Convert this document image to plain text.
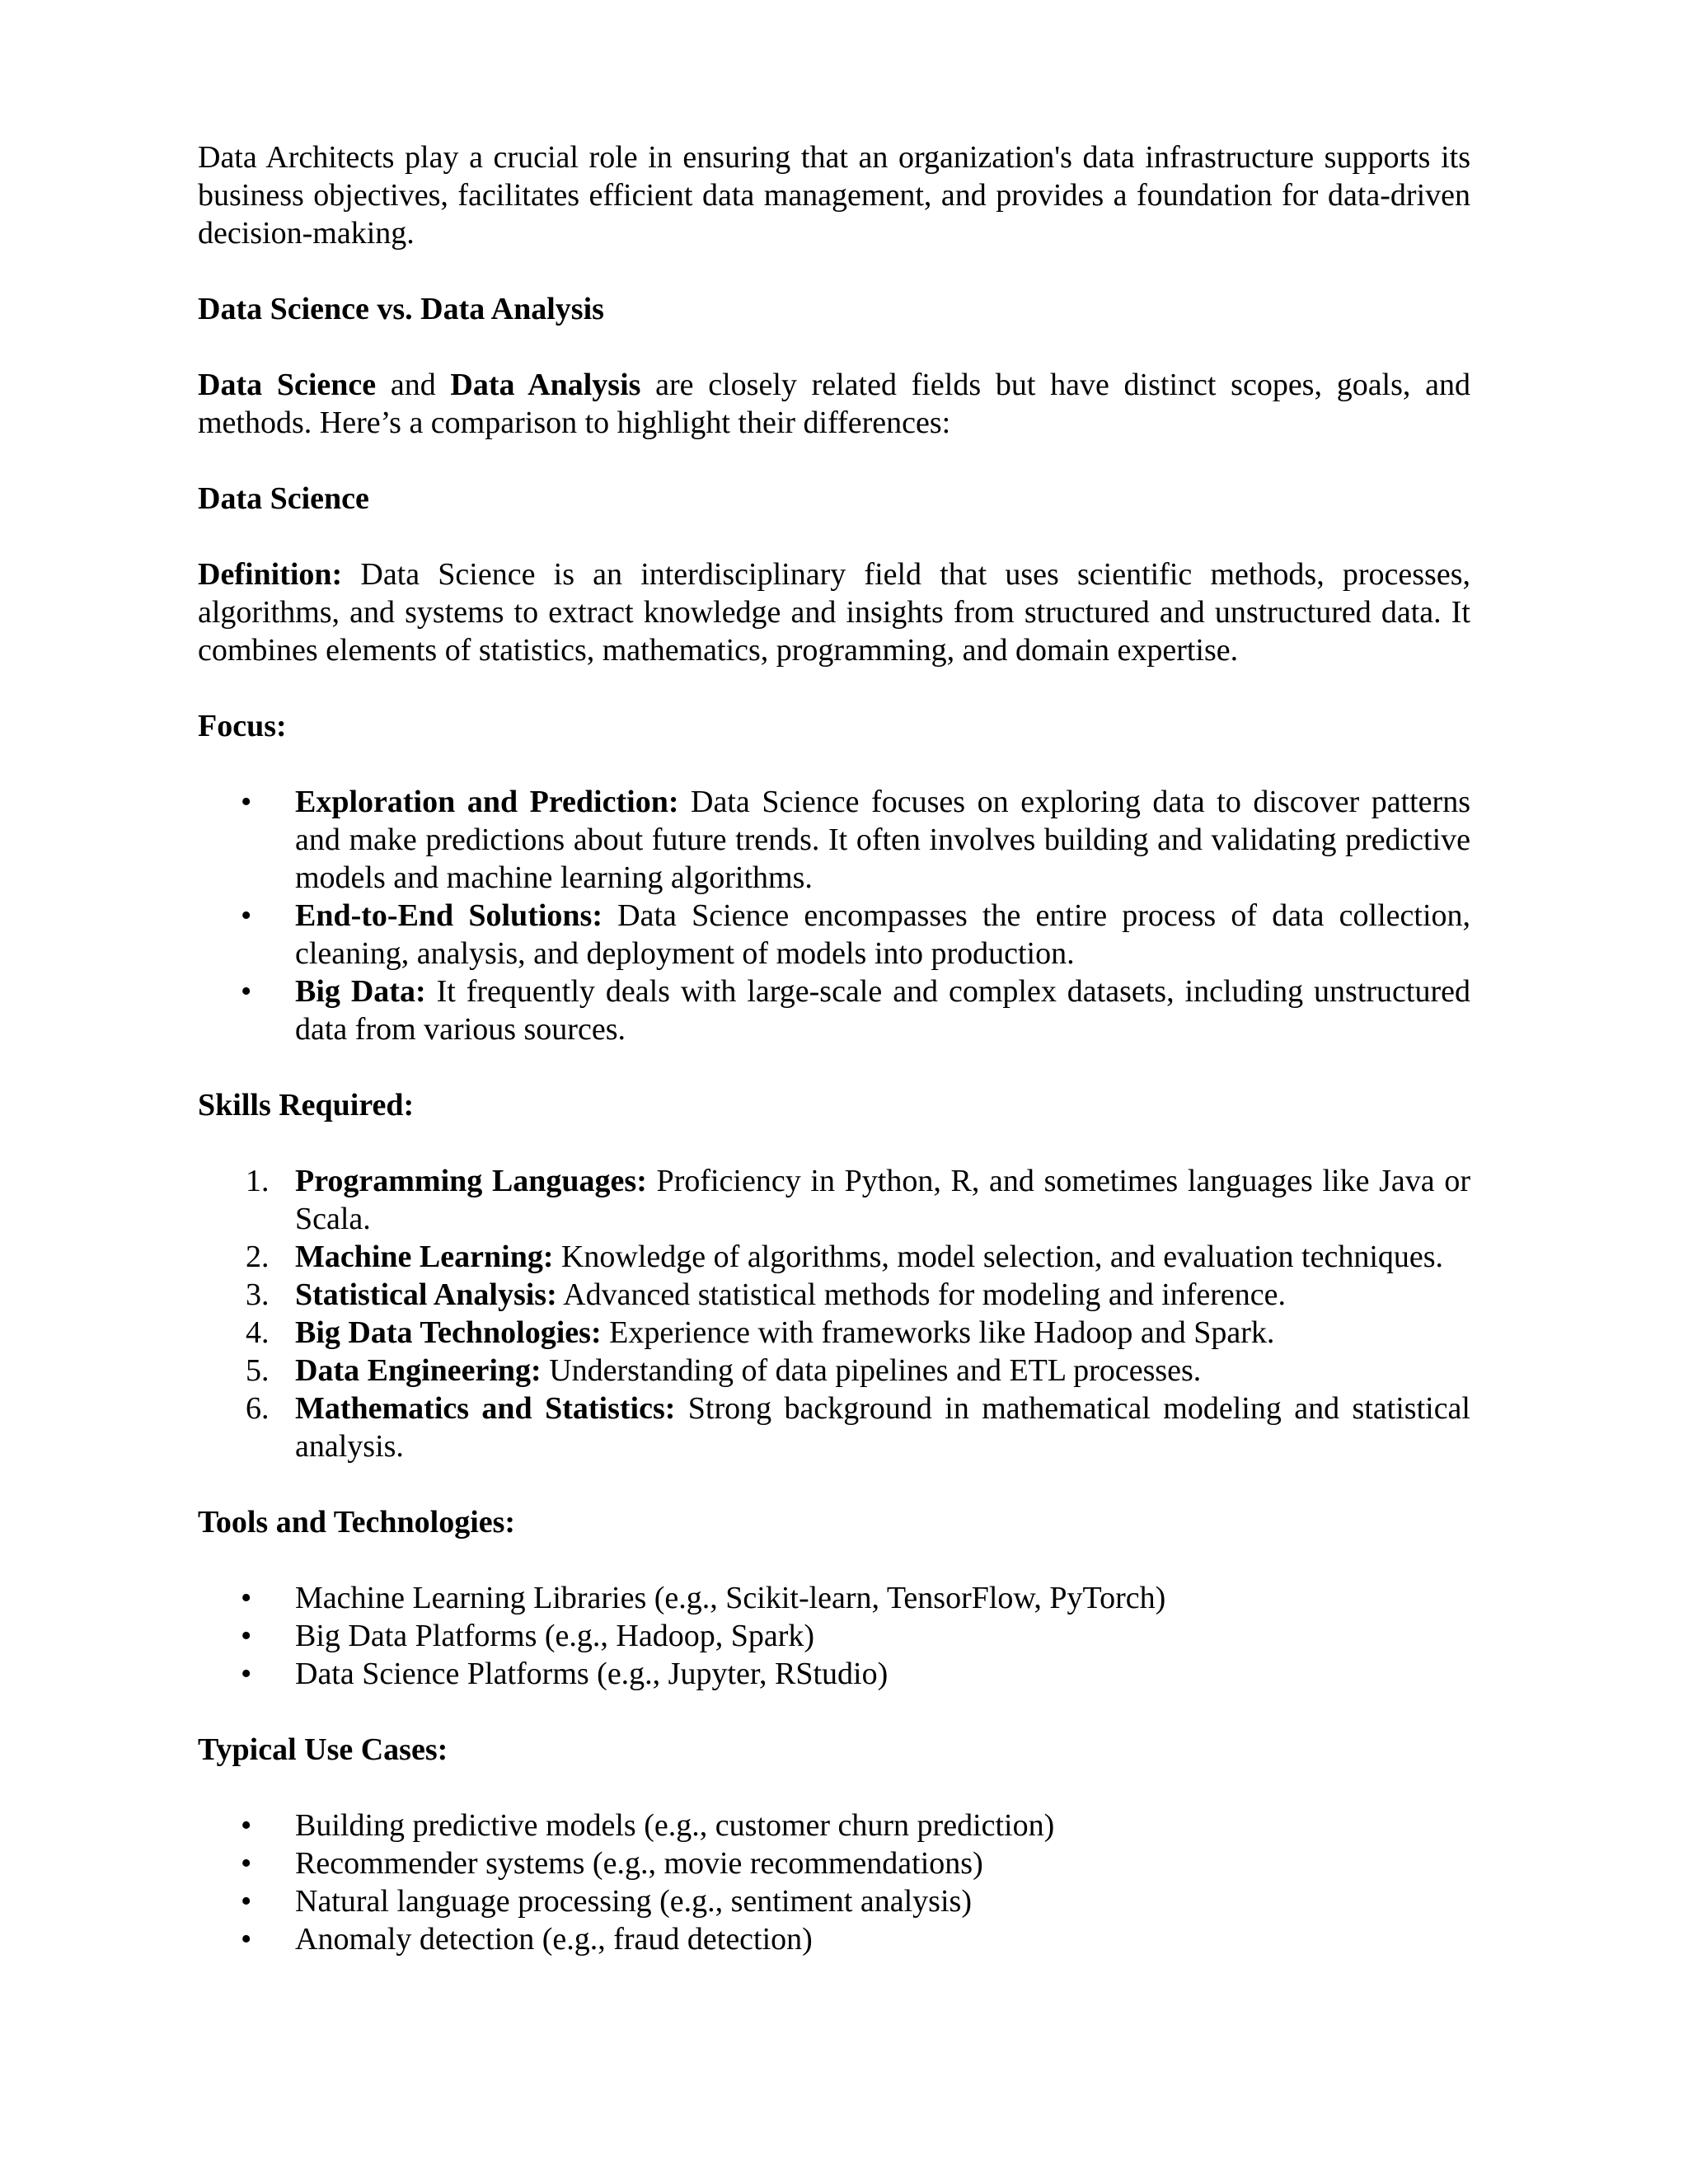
Data Architects play a crucial role in ensuring that an organization's data infrastructure supports its business objectives, facilitates efficient data management, and provides a foundation for data-driven decision-making.

Data Science vs. Data Analysis

Data Science and Data Analysis are closely related fields but have distinct scopes, goals, and methods. Here’s a comparison to highlight their differences:

Data Science

Definition: Data Science is an interdisciplinary field that uses scientific methods, processes, algorithms, and systems to extract knowledge and insights from structured and unstructured data. It combines elements of statistics, mathematics, programming, and domain expertise.

Focus:

• Exploration and Prediction: Data Science focuses on exploring data to discover patterns and make predictions about future trends. It often involves building and validating predictive models and machine learning algorithms.
• End-to-End Solutions: Data Science encompasses the entire process of data collection, cleaning, analysis, and deployment of models into production.
• Big Data: It frequently deals with large-scale and complex datasets, including unstructured data from various sources.

Skills Required:

1. Programming Languages: Proficiency in Python, R, and sometimes languages like Java or Scala.
2. Machine Learning: Knowledge of algorithms, model selection, and evaluation techniques.
3. Statistical Analysis: Advanced statistical methods for modeling and inference.
4. Big Data Technologies: Experience with frameworks like Hadoop and Spark.
5. Data Engineering: Understanding of data pipelines and ETL processes.
6. Mathematics and Statistics: Strong background in mathematical modeling and statistical analysis.

Tools and Technologies:

• Machine Learning Libraries (e.g., Scikit-learn, TensorFlow, PyTorch)
• Big Data Platforms (e.g., Hadoop, Spark)
• Data Science Platforms (e.g., Jupyter, RStudio)

Typical Use Cases:

• Building predictive models (e.g., customer churn prediction)
• Recommender systems (e.g., movie recommendations)
• Natural language processing (e.g., sentiment analysis)
• Anomaly detection (e.g., fraud detection)
